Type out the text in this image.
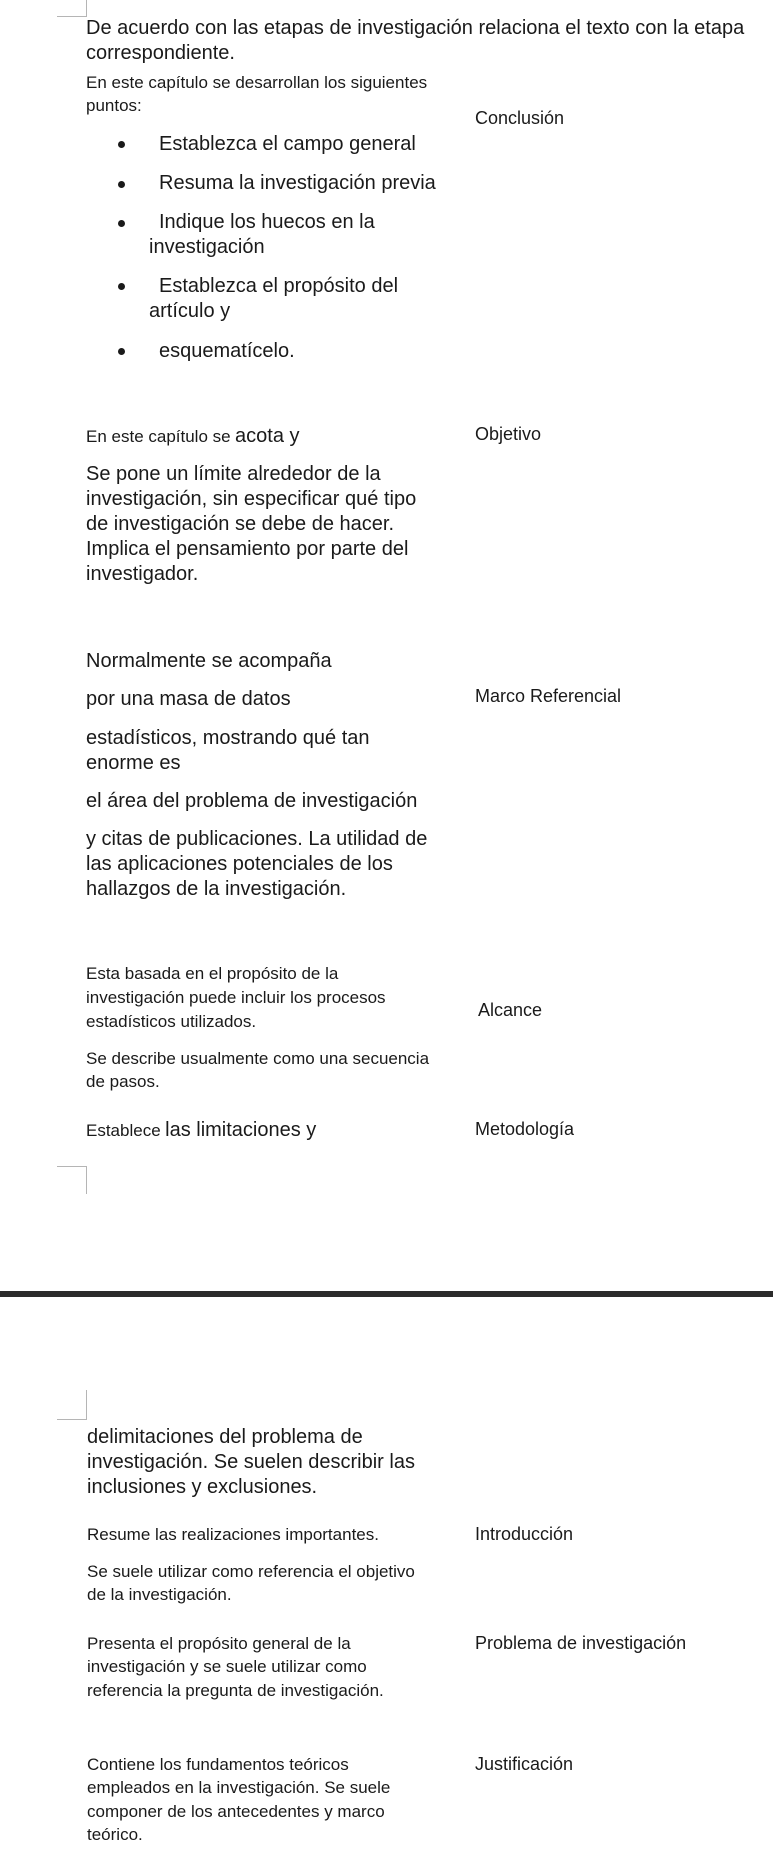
De acuerdo con las etapas de investigación relaciona el texto con la etapa
correspondiente.
En este capítulo se desarrollan los siguientes
puntos:
Conclusión
Establezca el campo general
Resuma la investigación previa
Indique los huecos en la
investigación
Establezca el propósito del
artículo y
esquematícelo.
En este capítulo se acota y	Objetivo
Se pone un límite alrededor de la
investigación, sin especificar qué tipo
de investigación se debe de hacer.
Implica el pensamiento por parte del
investigador.
Normalmente se acompaña
por una masa de datos	Marco Referencial
estadísticos, mostrando qué tan
enorme es
el área del problema de investigación
y citas de publicaciones. La utilidad de
las aplicaciones potenciales de los
hallazgos de la investigación.
Esta basada en el propósito de la
investigación puede incluir los procesos
estadísticos utilizados.
Alcance
Se describe usualmente como una secuencia
de pasos.
Establece las limitaciones y	Metodología
delimitaciones del problema de
investigación. Se suelen describir las
inclusiones y exclusiones.
Resume las realizaciones importantes.	Introducción
Se suele utilizar como referencia el objetivo
de la investigación.
Presenta el propósito general de la
investigación y se suele utilizar como
referencia la pregunta de investigación.
Problema de investigación
Contiene los fundamentos teóricos
empleados en la investigación. Se suele
componer de los antecedentes y marco
teórico.
Justificación
